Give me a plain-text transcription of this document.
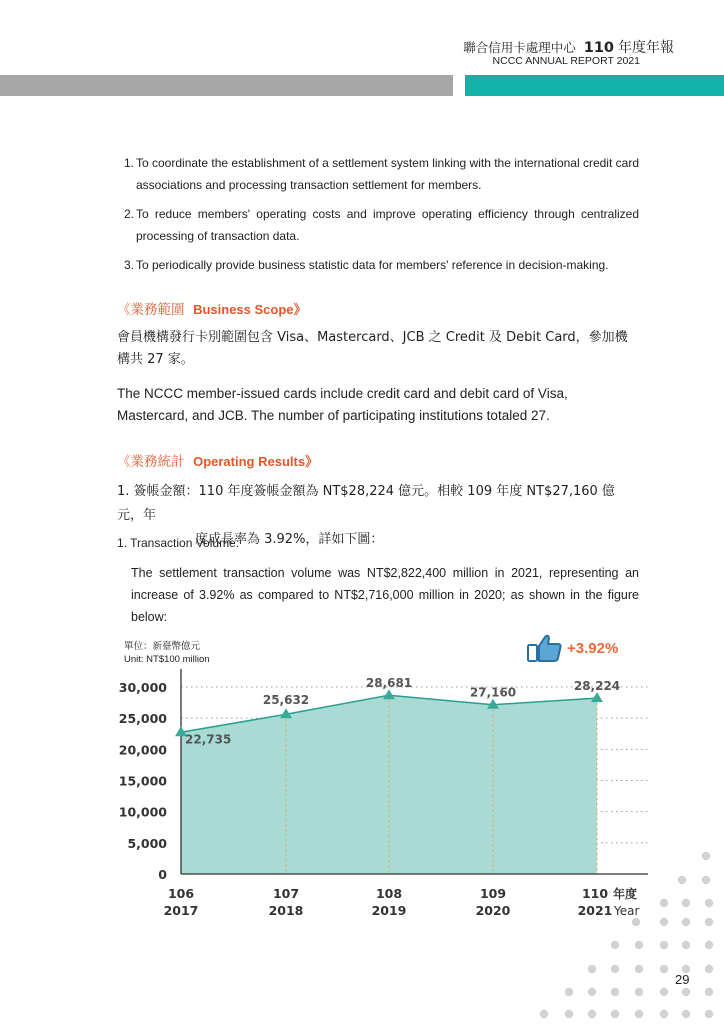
聯合信用卡處理中心 110 年度年報
NCCC ANNUAL REPORT 2021
1. To coordinate the establishment of a settlement system linking with the international credit card associations and processing transaction settlement for members.
2. To reduce members' operating costs and improve operating efficiency through centralized processing of transaction data.
3. To periodically provide business statistic data for members' reference in decision-making.
《業務範圍 Business Scope》
會員機構發行卡別範圍包含 Visa、Mastercard、JCB 之 Credit 及 Debit Card，參加機構共 27 家。
The NCCC member-issued cards include credit card and debit card of Visa, Mastercard, and JCB. The number of participating institutions totaled 27.
《業務統計 Operating Results》
1. 簽帳金額：110 年度簽帳金額為 NT$28,224 億元。相較 109 年度 NT$27,160 億元，年
度成長率為 3.92%，詳如下圖：
1. Transaction Volume:
The settlement transaction volume was NT$2,822,400 million in 2021, representing an increase of 3.92% as compared to NT$2,716,000 million in 2020; as shown in the figure below:
單位：新臺幣億元
Unit: NT$100 million
+3.92%
0
5,000
10,000
15,000
20,000
25,000
30,000
22,735
25,632
28,681
27,160	28,224
106
2017
107
2018
108
2019
109
2020
110
2021
年度
Year
29
